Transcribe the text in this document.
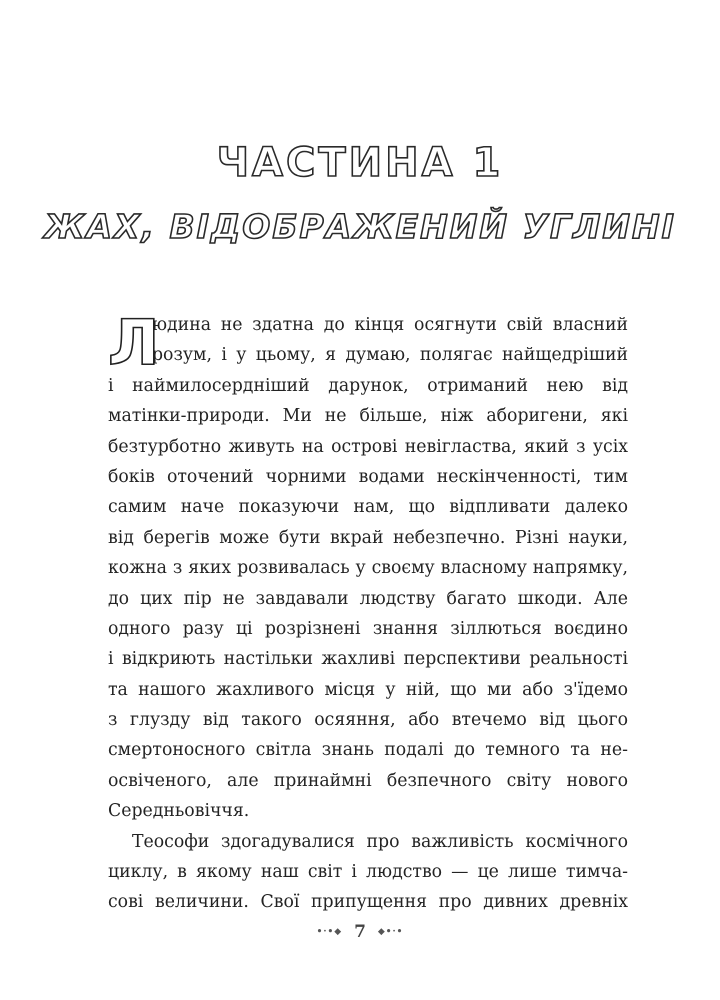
ЧАСТИНА 1
ЖАХ, ВІДОБРАЖЕНИЙ УГЛИНІ
Л
юдина не здатна до кінця осягнути свій власний
розум, і у цьому, я думаю, полягає найщедріший
і наймилосердніший дарунок, отриманий нею від
матінки-природи. Ми не більше, ніж аборигени, які
безтурботно живуть на острові невігластва, який з усіх
боків оточений чорними водами нескінченності, тим
самим наче показуючи нам, що відпливати далеко
від берегів може бути вкрай небезпечно. Різні науки,
кожна з яких розвивалась у своєму власному напрямку,
до цих пір не завдавали людству багато шкоди. Але
одного разу ці розрізнені знання зіллються воєдино
і відкриють настільки жахливі перспективи реальності
та нашого жахливого місця у ній, що ми або з'їдемо
з глузду від такого осяяння, або втечемо від цього
смертоносного світла знань подалі до темного та не-
освіченого, але принаймні безпечного світу нового
Середньовіччя.
Теософи здогадувалися про важливість космічного
циклу, в якому наш світ і людство — це лише тимча-
сові величини. Свої припущення про дивних древніх
•·•◆ 7 ◆•·•
